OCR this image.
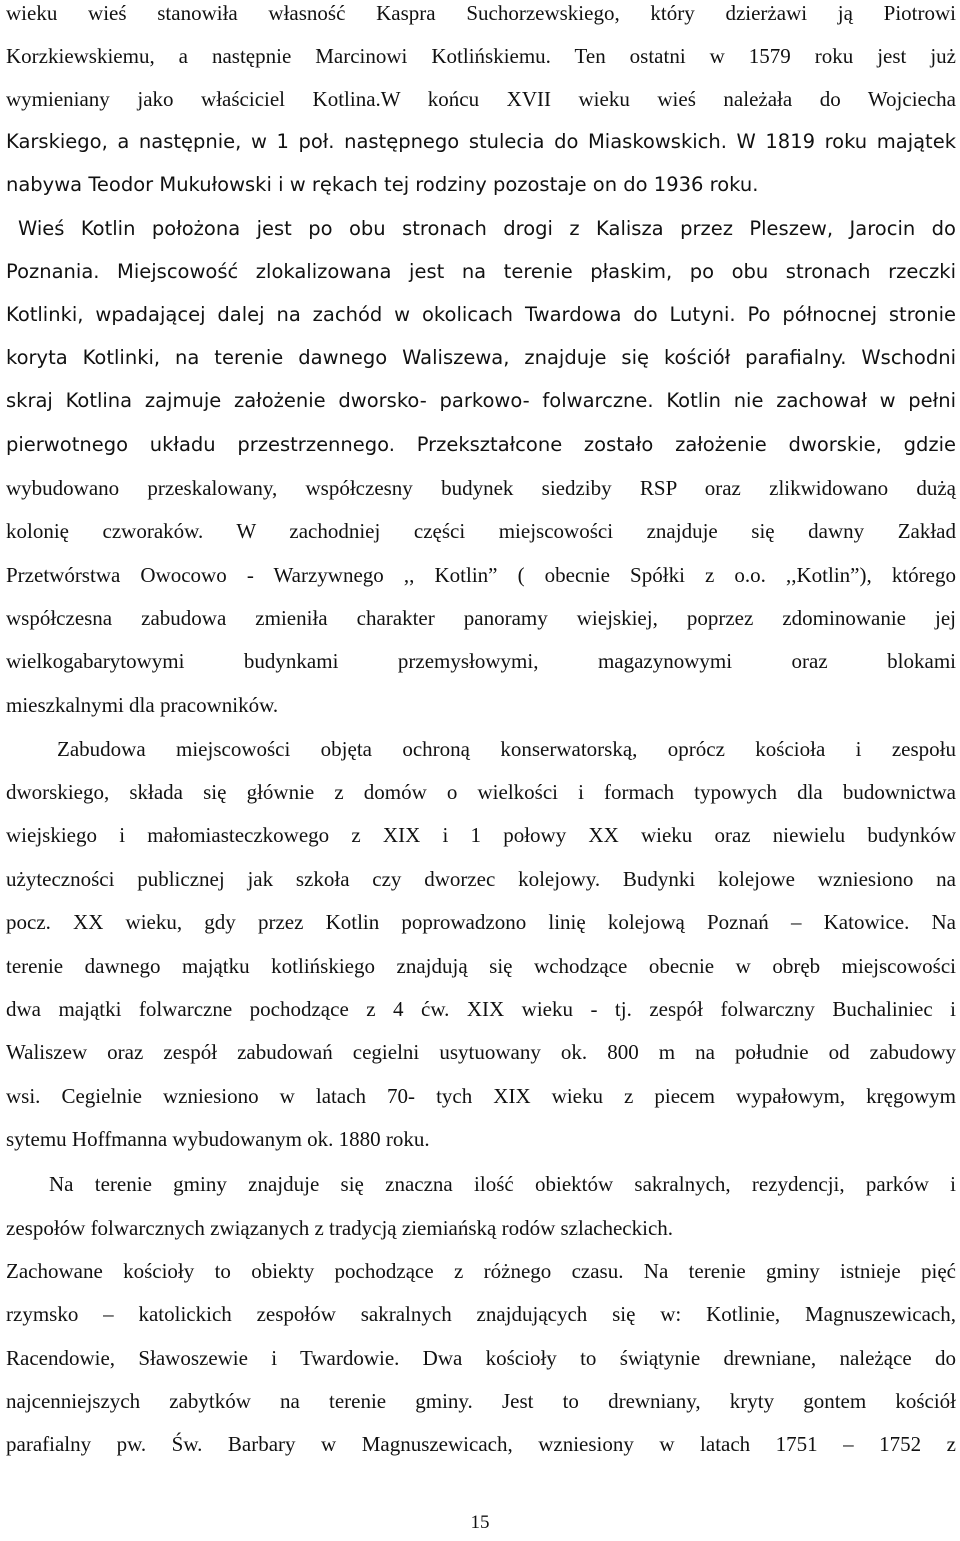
wieku wieś stanowiła własność Kaspra Suchorzewskiego, który dzierżawi ją Piotrowi
Korzkiewskiemu, a następnie Marcinowi Kotlińskiemu. Ten ostatni w 1579 roku jest już
wymieniany jako właściciel Kotlina.W końcu XVII wieku wieś należała do Wojciecha
Karskiego, a następnie, w 1 poł. następnego stulecia do Miaskowskich. W 1819 roku majątek
nabywa Teodor Mukułowski i w rękach tej rodziny pozostaje on do 1936 roku.
Wieś Kotlin położona jest po obu stronach drogi z Kalisza przez Pleszew, Jarocin do
Poznania. Miejscowość zlokalizowana jest na terenie płaskim, po obu stronach rzeczki
Kotlinki, wpadającej dalej na zachód w okolicach Twardowa do Lutyni. Po północnej stronie
koryta Kotlinki, na terenie dawnego Waliszewa, znajduje się kościół parafialny. Wschodni
skraj Kotlina zajmuje założenie dworsko- parkowo- folwarczne. Kotlin nie zachował w pełni
pierwotnego układu przestrzennego. Przekształcone zostało założenie dworskie, gdzie
wybudowano przeskalowany, współczesny budynek siedziby RSP oraz zlikwidowano dużą
kolonię czworaków. W zachodniej części miejscowości znajduje się dawny Zakład
Przetwórstwa Owocowo - Warzywnego ,, Kotlin” ( obecnie Spółki z o.o. ,,Kotlin”), którego
współczesna zabudowa zmieniła charakter panoramy wiejskiej, poprzez zdominowanie jej
wielkogabarytowymi budynkami przemysłowymi, magazynowymi oraz blokami
mieszkalnymi dla pracowników.
Zabudowa miejscowości objęta ochroną konserwatorską, oprócz kościoła i zespołu
dworskiego, składa się głównie z domów o wielkości i formach typowych dla budownictwa
wiejskiego i małomiasteczkowego z XIX i 1 połowy XX wieku oraz niewielu budynków
użyteczności publicznej jak szkoła czy dworzec kolejowy. Budynki kolejowe wzniesiono na
pocz. XX wieku, gdy przez Kotlin poprowadzono linię kolejową Poznań – Katowice. Na
terenie dawnego majątku kotlińskiego znajdują się wchodzące obecnie w obręb miejscowości
dwa majątki folwarczne pochodzące z 4 ćw. XIX wieku - tj. zespół folwarczny Buchaliniec i
Waliszew oraz zespół zabudowań cegielni usytuowany ok. 800 m na południe od zabudowy
wsi. Cegielnie wzniesiono w latach 70- tych XIX wieku z piecem wypałowym, kręgowym
sytemu Hoffmanna wybudowanym ok. 1880 roku.
Na terenie gminy znajduje się znaczna ilość obiektów sakralnych, rezydencji, parków i
zespołów folwarcznych związanych z tradycją ziemiańską rodów szlacheckich.
Zachowane kościoły to obiekty pochodzące z różnego czasu. Na terenie gminy istnieje pięć
rzymsko – katolickich zespołów sakralnych znajdujących się w: Kotlinie, Magnuszewicach,
Racendowie, Sławoszewie i Twardowie. Dwa kościoły to świątynie drewniane, należące do
najcenniejszych zabytków na terenie gminy. Jest to drewniany, kryty gontem kościół
parafialny pw. Św. Barbary w Magnuszewicach, wzniesiony w latach 1751 – 1752 z
15
